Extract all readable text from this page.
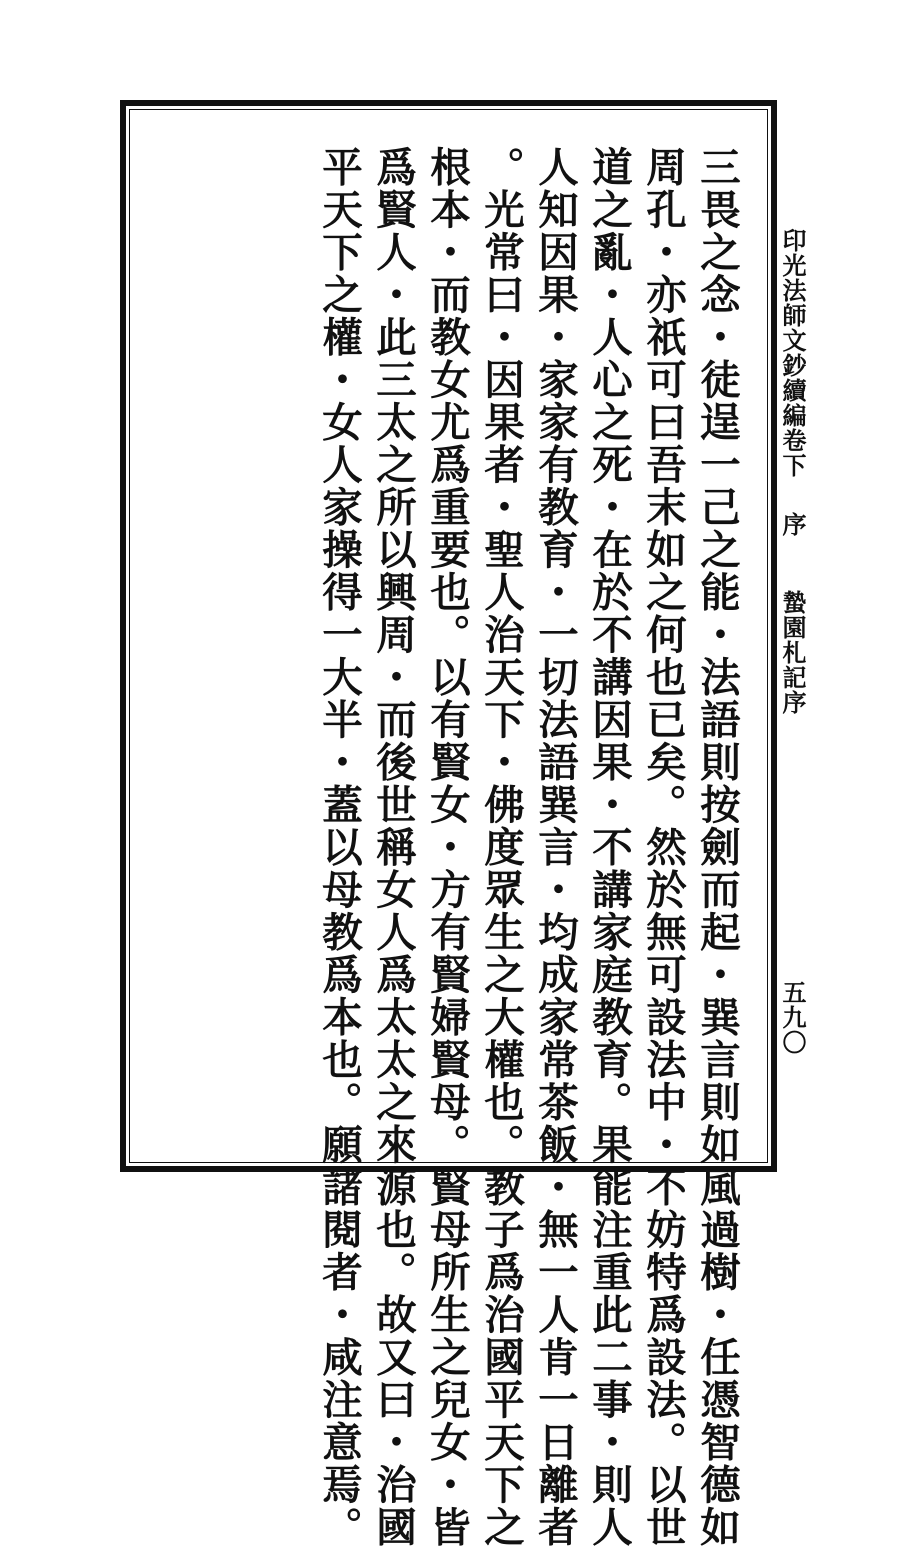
印光法師文鈔續編卷下
序
蟄園札記序
五九〇
三畏之念・徒逞一己之能・法語則按劍而起・巽言則如風過樹・任憑智德如
周孔・亦祇可曰吾末如之何也已矣。然於無可設法中・不妨特爲設法。以世
道之亂・人心之死・在於不講因果・不講家庭教育。果能注重此二事・則人
人知因果・家家有教育・一切法語巽言・均成家常茶飯・無一人肯一日離者
。光常曰・因果者・聖人治天下・佛度眾生之大權也。教子爲治國平天下之
根本・而教女尤爲重要也。以有賢女・方有賢婦賢母。賢母所生之兒女・皆
爲賢人・此三太之所以興周・而後世稱女人爲太太之來源也。故又曰・治國
平天下之權・女人家操得一大半・蓋以母教爲本也。願諸閱者・咸注意焉。
